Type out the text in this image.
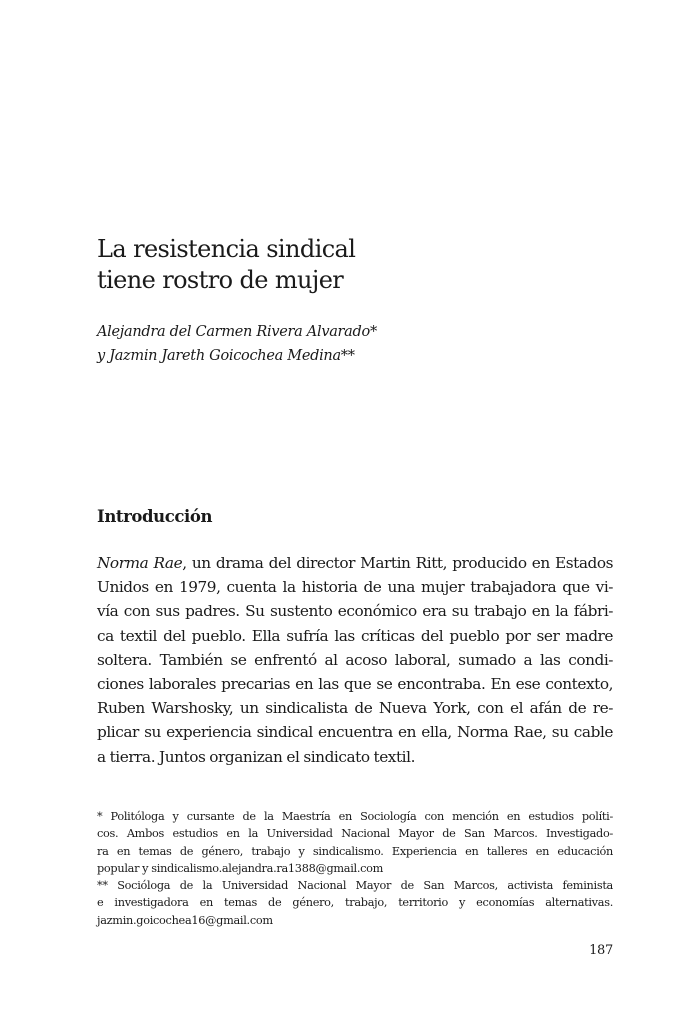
La resistencia sindical
tiene rostro de mujer
Alejandra del Carmen Rivera Alvarado*
y Jazmin Jareth Goicochea Medina**
Introducción
Norma Rae, un drama del director Martin Ritt, producido en Estados
Unidos en 1979, cuenta la historia de una mujer trabajadora que vi-
vía con sus padres. Su sustento económico era su trabajo en la fábri-
ca textil del pueblo. Ella sufría las críticas del pueblo por ser madre
soltera. También se enfrentó al acoso laboral, sumado a las condi-
ciones laborales precarias en las que se encontraba. En ese contexto,
Ruben Warshosky, un sindicalista de Nueva York, con el afán de re-
plicar su experiencia sindical encuentra en ella, Norma Rae, su cable
a tierra. Juntos organizan el sindicato textil.
* Politóloga y cursante de la Maestría en Sociología con mención en estudios políti-
cos. Ambos estudios en la Universidad Nacional Mayor de San Marcos. Investigado-
ra en temas de género, trabajo y sindicalismo. Experiencia en talleres en educación
popular y sindicalismo.alejandra.ra1388@gmail.com
** Socióloga de la Universidad Nacional Mayor de San Marcos, activista feminista
e investigadora en temas de género, trabajo, territorio y economías alternativas.
jazmin.goicochea16@gmail.com
187
